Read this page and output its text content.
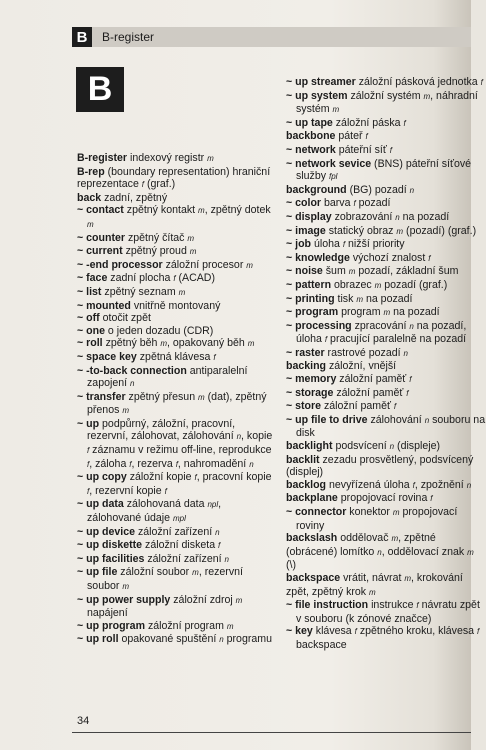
B	B-register
B

B-register indexový registr m

B-rep (boundary representation) hraniční reprezentace f (graf.)

back zadní, zpětný

~ contact zpětný kontakt m, zpětný dotek m

~ counter zpětný čítač m

~ current zpětný proud m

~ -end processor záložní procesor m

~ face zadní plocha f (ACAD)

~ list zpětný seznam m

~ mounted vnitřně montovaný

~ off otočit zpět

~ one o jeden dozadu (CDR)

~ roll zpětný běh m, opakovaný běh m

~ space key zpětná klávesa f

~ -to-back connection antiparalelní zapojení n

~ transfer zpětný přesun m (dat), zpětný přenos m

~ up podpůrný, záložní, pracovní, rezervní, zálohovat, zálohování n, kopie f záznamu v režimu off-line, reprodukce f, záloha f, rezerva f, nahromadění n

~ up copy záložní kopie f, pracovní kopie f, rezervní kopie f

~ up data zálohovaná data npl, zálohované údaje mpl

~ up device záložní zařízení n

~ up diskette záložní disketa f

~ up facilities záložní zařízení n

~ up file záložní soubor m, rezervní soubor m

~ up power supply záložní zdroj m napájení

~ up program záložní program m

~ up roll opakované spuštění n programu

~ up streamer záložní pásková jednotka f

~ up system záložní systém m, náhradní systém m

~ up tape záložní páska f

backbone páteř f

~ network páteřní síť f

~ network sevice (BNS) páteřní síťové služby fpl

background (BG) pozadí n

~ color barva f pozadí

~ display zobrazování n na pozadí

~ image statický obraz m (pozadí) (graf.)

~ job úloha f nižší priority

~ knowledge výchozí znalost f

~ noise šum m pozadí, základní šum

~ pattern obrazec m pozadí (graf.)

~ printing tisk m na pozadí

~ program program m na pozadí

~ processing zpracování n na pozadí, úloha f pracující paralelně na pozadí

~ raster rastrové pozadí n

backing záložní, vnější

~ memory záložní paměť f

~ storage záložní paměť f

~ store záložní paměť f

~ up file to drive zálohování n souboru na disk

backlight podsvícení n (displeje)

backlit zezadu prosvětlený, podsvícený (displej)

backlog nevyřízená úloha f, zpožnění n

backplane propojovací rovina f

~ connector konektor m propojovací roviny

backslash oddělovač m, zpětné (obrácené) lomítko n, oddělovací znak m (\)

backspace vrátit, návrat m, krokování zpět, zpětný krok m

~ file instruction instrukce f návratu zpět v souboru (k zónové značce)

~ key klávesa f zpětného kroku, klávesa f backspace

34
